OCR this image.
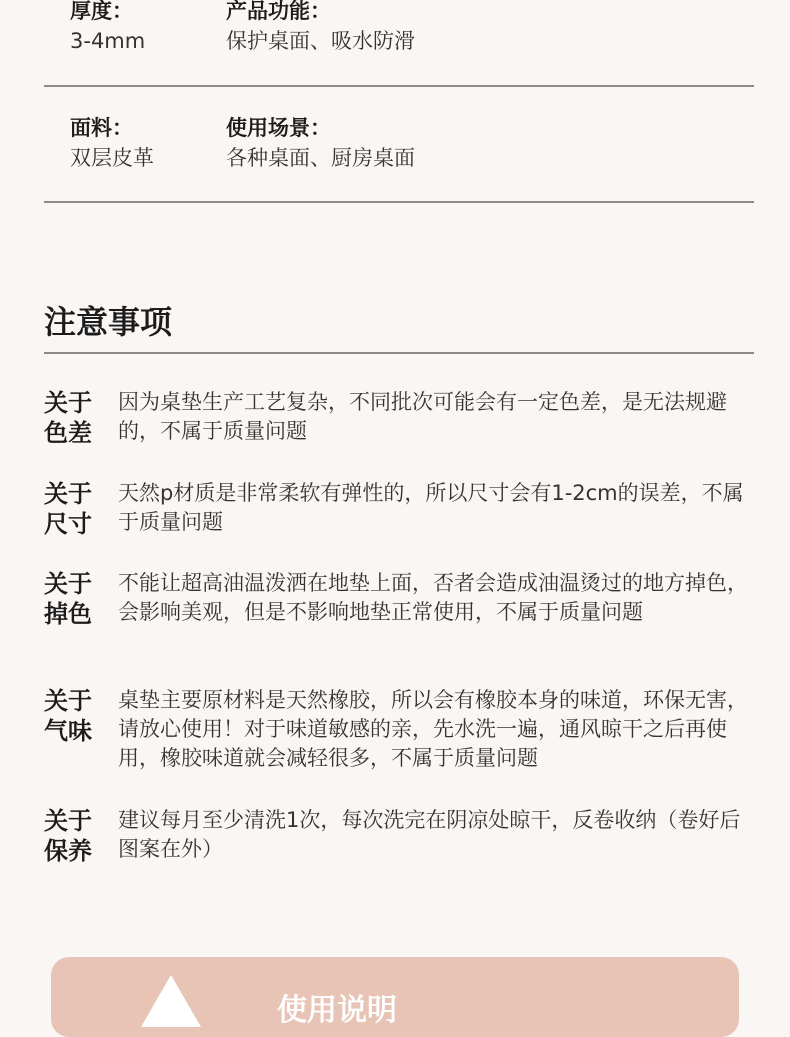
厚度：
3-4mm
产品功能：
保护桌面、吸水防滑
面料：
双层皮革
使用场景：
各种桌面、厨房桌面
注意事项
关于
色差
因为桌垫生产工艺复杂，不同批次可能会有一定色差，是无法规避的，不属于质量问题
关于
尺寸
天然p材质是非常柔软有弹性的，所以尺寸会有1-2cm的误差，不属于质量问题
关于
掉色
不能让超高油温泼洒在地垫上面，否者会造成油温烫过的地方掉色，会影响美观，但是不影响地垫正常使用，不属于质量问题
关于
气味
桌垫主要原材料是天然橡胶，所以会有橡胶本身的味道，环保无害，请放心使用！对于味道敏感的亲，先水洗一遍，通风晾干之后再使用，橡胶味道就会减轻很多，不属于质量问题
关于
保养
建议每月至少清洗1次，每次洗完在阴凉处晾干，反卷收纳（卷好后图案在外）
使用说明
